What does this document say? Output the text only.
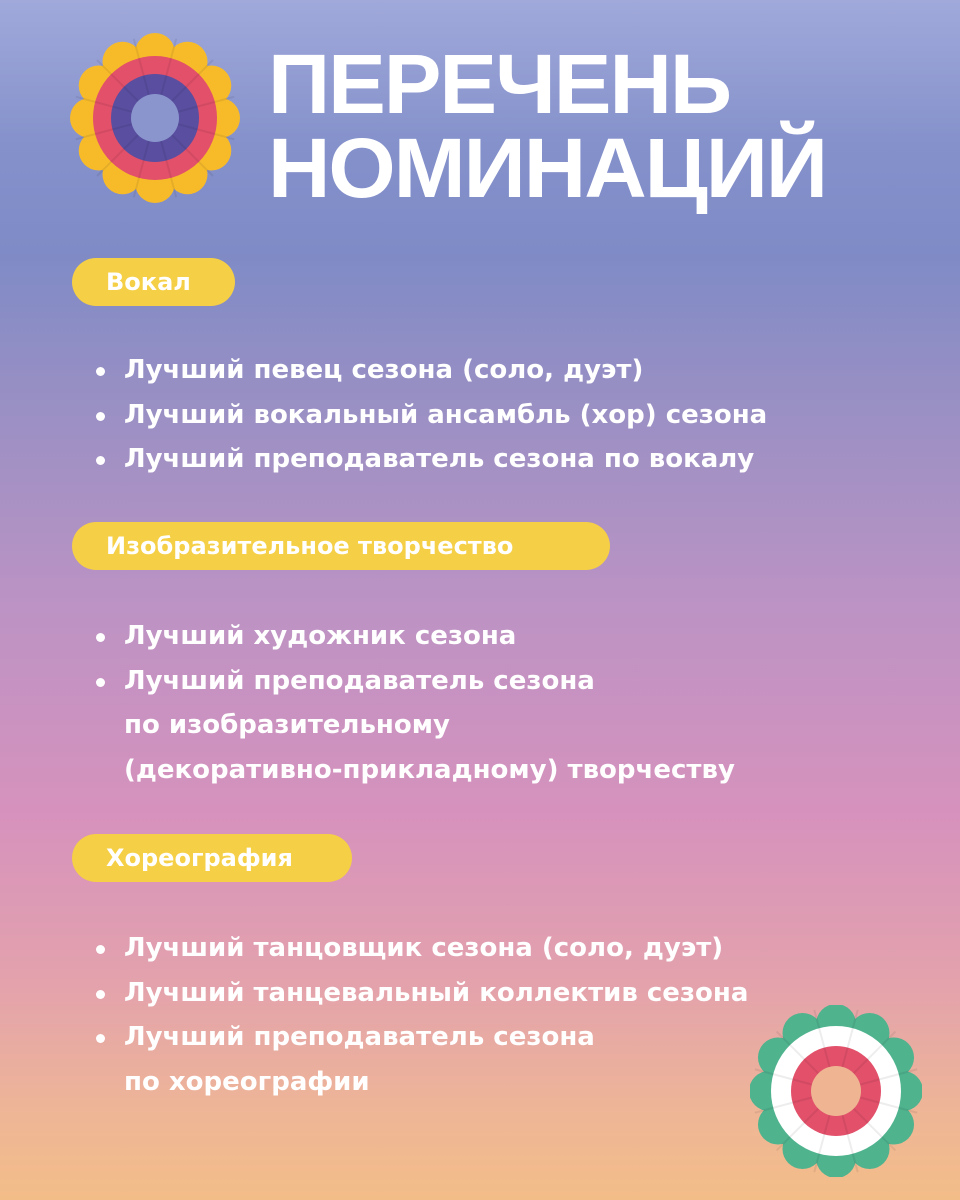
ПЕРЕЧЕНЬ
НОМИНАЦИЙ
Вокал
Лучший певец сезона (соло, дуэт)
Лучший вокальный ансамбль (хор) сезона
Лучший преподаватель сезона по вокалу
Изобразительное творчество
Лучший художник сезона
Лучший преподаватель сезона
по изобразительному
(декоративно-прикладному) творчеству
Хореография
Лучший танцовщик сезона (соло, дуэт)
Лучший танцевальный коллектив сезона
Лучший преподаватель сезона
по хореографии
